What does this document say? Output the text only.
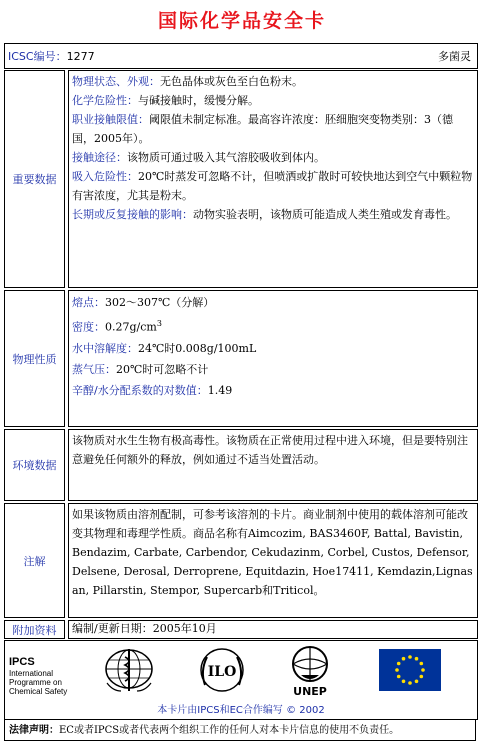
国际化学品安全卡
ICSC编号：1277	多菌灵
重要数据
物理状态、外观：无色晶体或灰色至白色粉末。
化学危险性：与碱接触时，缓慢分解。
职业接触限值：阈限值未制定标准。最高容许浓度：胚细胞突变物类别：3（德国，2005年）。
接触途径：该物质可通过吸入其气溶胶吸收到体内。
吸入危险性：20℃时蒸发可忽略不计，但喷洒或扩散时可较快地达到空气中颗粒物有害浓度，尤其是粉末。
长期或反复接触的影响：动物实验表明，该物质可能造成人类生殖或发育毒性。
物理性质
熔点：302～307℃（分解）
密度：$0.27g/cm^3$
水中溶解度：24℃时0.008g/100mL
蒸气压：20℃时可忽略不计
辛醇/水分配系数的对数值：1.49
环境数据
该物质对水生生物有极高毒性。该物质在正常使用过程中进入环境，但是要特别注意避免任何额外的释放，例如通过不适当处置活动。
注解
如果该物质由溶剂配制，可参考该溶剂的卡片。商业制剂中使用的载体溶剂可能改变其物理和毒理学性质。商品名称有Aimcozim, BAS3460F, Battal, Bavistin, Bendazim, Carbate, Carbendor, Cekudazinm, Corbel, Custos, Defensor, Delsene, Derosal, Derroprene, Equitdazin, Hoe17411, Kemdazin,Lignasan, Pillarstin, Stempor, Supercarb和Triticol。
附加资料	编制/更新日期：2005年10月
IPCS
International
Programme on
Chemical Safety
ILO
UNEP
本卡片由IPCS和EC合作编写 © 2002
法律声明：EC或者IPCS或者代表两个组织工作的任何人对本卡片信息的使用不负责任。
